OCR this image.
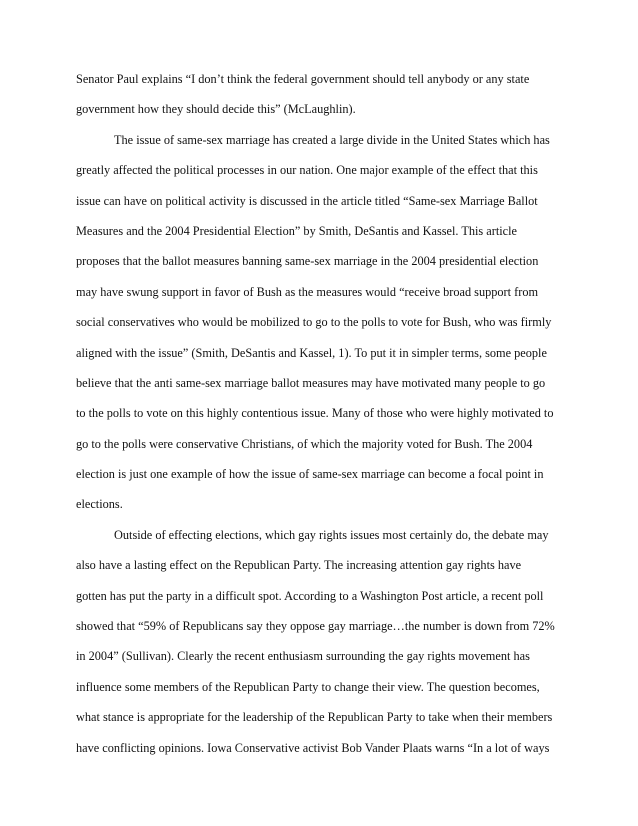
Senator Paul explains “I don’t think the federal government should tell anybody or any state
government how they should decide this” (McLaughlin).
The issue of same-sex marriage has created a large divide in the United States which has
greatly affected the political processes in our nation. One major example of the effect that this
issue can have on political activity is discussed in the article titled “Same-sex Marriage Ballot
Measures and the 2004 Presidential Election” by Smith, DeSantis and Kassel. This article
proposes that the ballot measures banning same-sex marriage in the 2004 presidential election
may have swung support in favor of Bush as the measures would “receive broad support from
social conservatives who would be mobilized to go to the polls to vote for Bush, who was firmly
aligned with the issue” (Smith, DeSantis and Kassel, 1). To put it in simpler terms, some people
believe that the anti same-sex marriage ballot measures may have motivated many people to go
to the polls to vote on this highly contentious issue. Many of those who were highly motivated to
go to the polls were conservative Christians, of which the majority voted for Bush. The 2004
election is just one example of how the issue of same-sex marriage can become a focal point in
elections.
Outside of effecting elections, which gay rights issues most certainly do, the debate may
also have a lasting effect on the Republican Party. The increasing attention gay rights have
gotten has put the party in a difficult spot. According to a Washington Post article, a recent poll
showed that “59% of Republicans say they oppose gay marriage…the number is down from 72%
in 2004” (Sullivan). Clearly the recent enthusiasm surrounding the gay rights movement has
influence some members of the Republican Party to change their view. The question becomes,
what stance is appropriate for the leadership of the Republican Party to take when their members
have conflicting opinions. Iowa Conservative activist Bob Vander Plaats warns “In a lot of ways
